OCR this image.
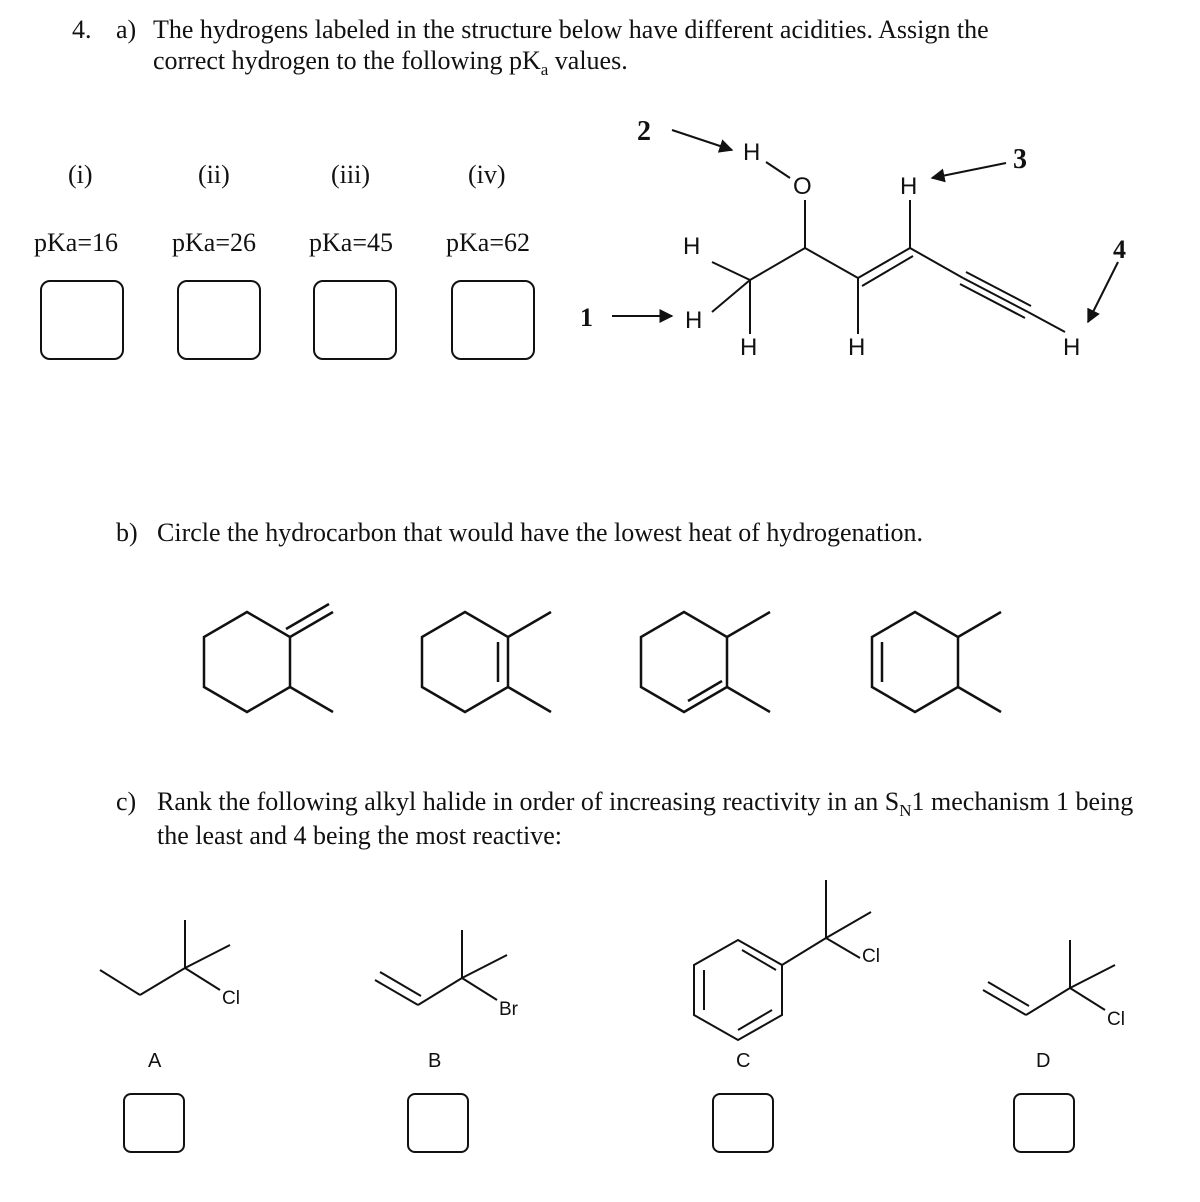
4. a) The hydrogens labeled in the structure below have different acidities. Assign the
correct hydrogen to the following $pK_a$ values.
(i)	(ii)	(iii)	(iv)
pKa=16 pKa=26 pKa=45 pKa=62
b) Circle the hydrocarbon that would have the lowest heat of hydrogenation.
c) Rank the following alkyl halide in order of increasing reactivity in an $S_N1$ mechanism 1 being
the least and 4 being the most reactive:
A	B	C	D
H
H
H
H
O
H
H
H
1
2
3
4
Cl
Br
Cl
Cl
